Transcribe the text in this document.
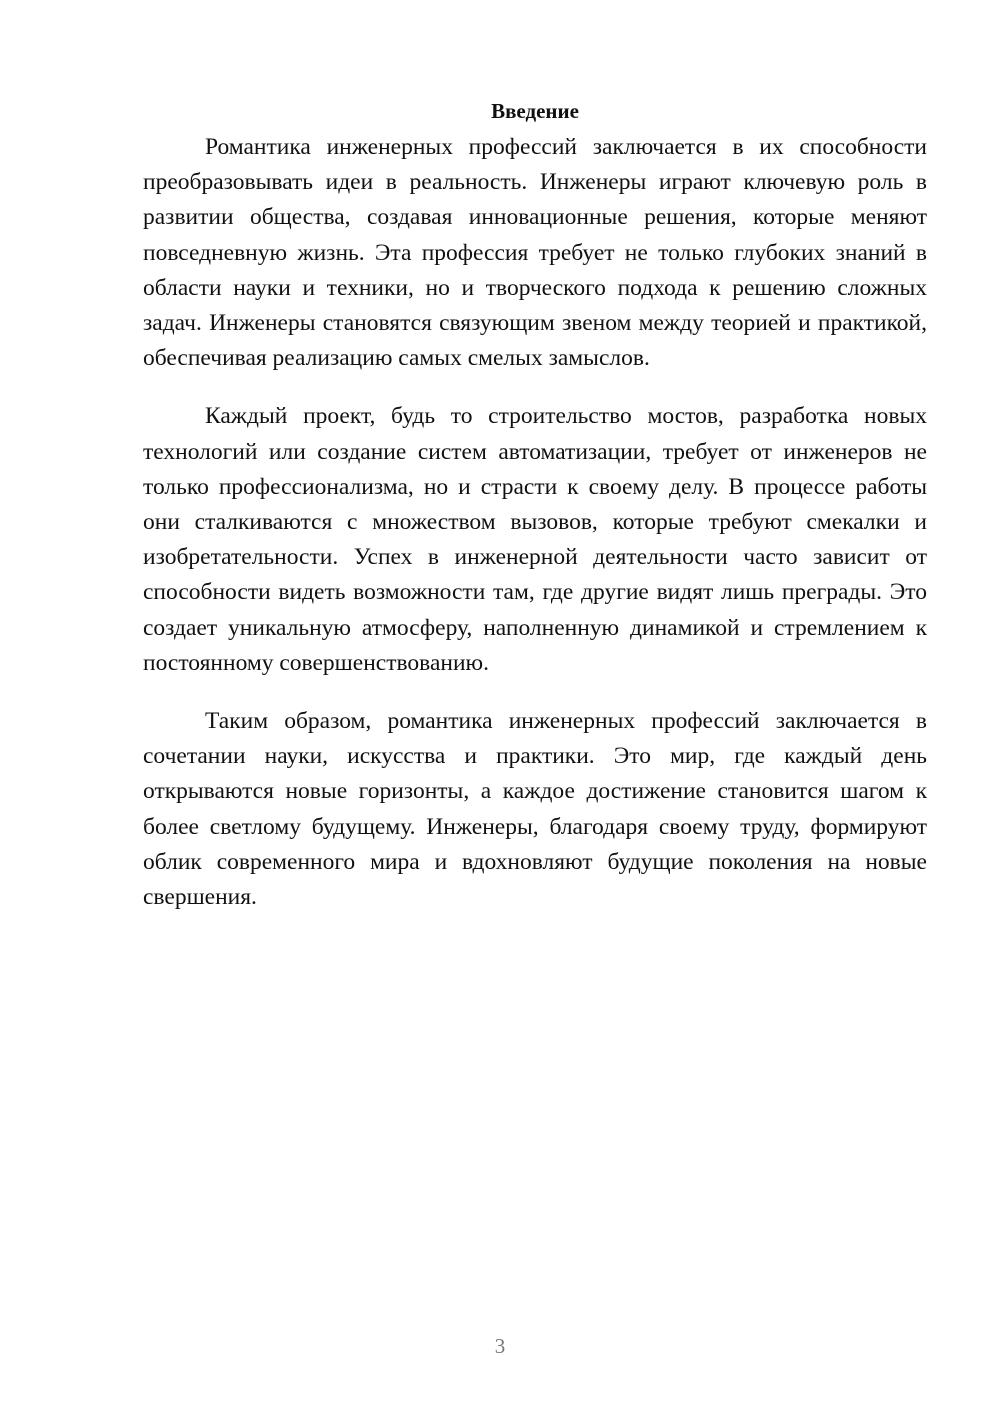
Введение

Романтика инженерных профессий заключается в их способности преобразовывать идеи в реальность. Инженеры играют ключевую роль в развитии общества, создавая инновационные решения, которые меняют повседневную жизнь. Эта профессия требует не только глубоких знаний в области науки и техники, но и творческого подхода к решению сложных задач. Инженеры становятся связующим звеном между теорией и практикой, обеспечивая реализацию самых смелых замыслов.

Каждый проект, будь то строительство мостов, разработка новых технологий или создание систем автоматизации, требует от инженеров не только профессионализма, но и страсти к своему делу. В процессе работы они сталкиваются с множеством вызовов, которые требуют смекалки и изобретательности. Успех в инженерной деятельности часто зависит от способности видеть возможности там, где другие видят лишь преграды. Это создает уникальную атмосферу, наполненную динамикой и стремлением к постоянному совершенствованию.

Таким образом, романтика инженерных профессий заключается в сочетании науки, искусства и практики. Это мир, где каждый день открываются новые горизонты, а каждое достижение становится шагом к более светлому будущему. Инженеры, благодаря своему труду, формируют облик современного мира и вдохновляют будущие поколения на новые свершения.

3
